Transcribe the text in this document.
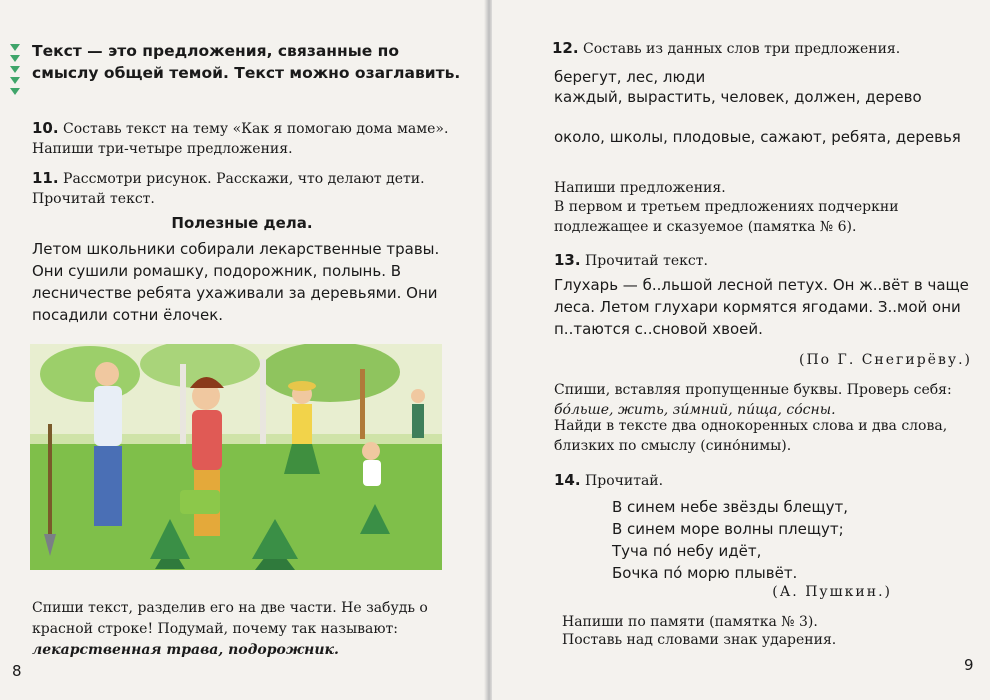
Текст — это предложения, связанные по смыслу общей темой. Текст можно озаглавить.
10. Составь текст на тему «Как я помогаю дома маме». Напиши три-четыре предложения.
11. Рассмотри рисунок. Расскажи, что делают дети. Прочитай текст.
Полезные дела.
Летом школьники собирали лекарственные травы. Они сушили ромашку, подорожник, полынь. В лесничестве ребята ухаживали за деревьями. Они посадили сотни ёлочек.
Спиши текст, разделив его на две части. Не забудь о красной строке! Подумай, почему так называют: лекарственная трава, подорожник.
8
12. Составь из данных слов три предложения.
берегут, лес, люди
каждый, вырастить, человек, должен, дерево
около, школы, плодовые, сажают, ребята, деревья
Напиши предложения.
В первом и третьем предложениях подчеркни подлежащее и сказуемое (памятка № 6).
13. Прочитай текст.
Глухарь — б..льшой лесной петух. Он ж..вёт в чаще леса. Летом глухари кормятся ягодами. З..мой они п..таются с..сновой хвоей.
(По Г. Снегирёву.)
Спиши, вставляя пропущенные буквы. Проверь себя: бо́льше, жить, зи́мний, пи́ща, со́сны.
Найди в тексте два однокоренных слова и два слова, близких по смыслу (сино́нимы).
14. Прочитай.
В синем небе звёзды блещут,
В синем море волны плещут;
Туча по́ небу идёт,
Бочка по́ морю плывёт.
(А. Пушкин.)
Напиши по памяти (памятка № 3).
Поставь над словами знак ударения.
9
